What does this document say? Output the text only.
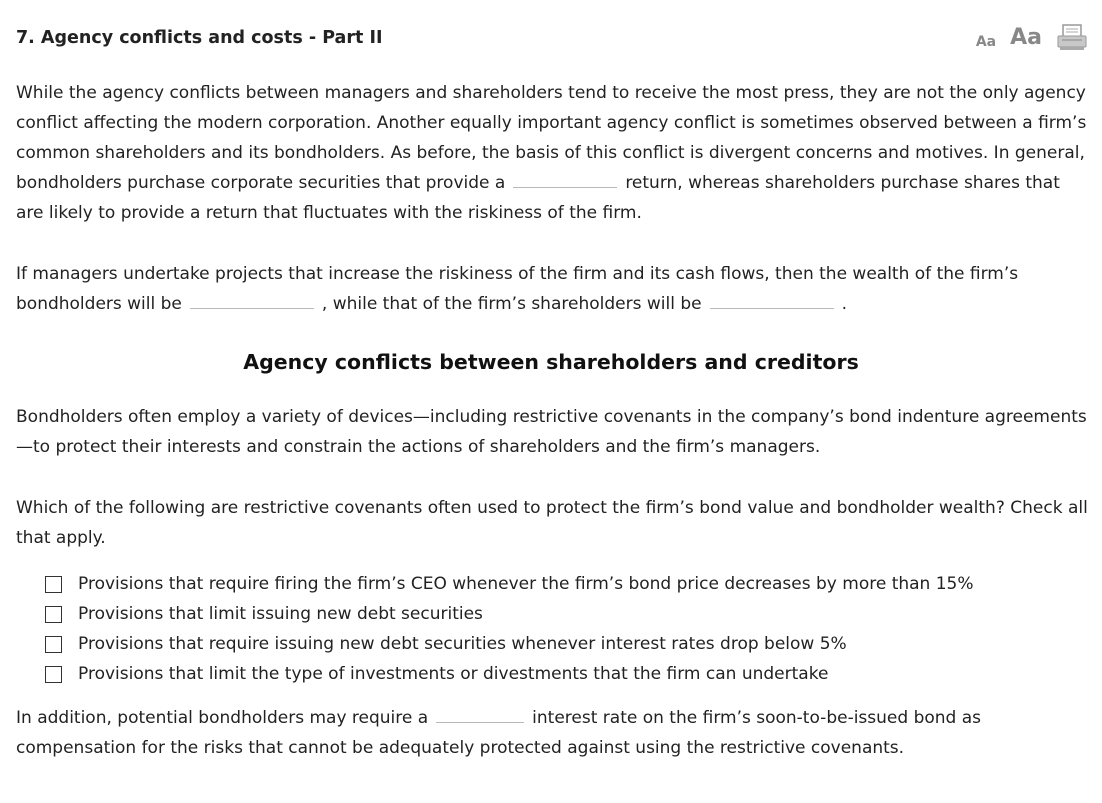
7. Agency conflicts and costs - Part II	Aa Aa

While the agency conflicts between managers and shareholders tend to receive the most press, they are not the only agency conflict affecting the modern corporation. Another equally important agency conflict is sometimes observed between a firm’s common shareholders and its bondholders. As before, the basis of this conflict is divergent concerns and motives. In general, bondholders purchase corporate securities that provide a	return, whereas shareholders purchase shares that are likely to provide a return that fluctuates with the riskiness of the firm.

If managers undertake projects that increase the riskiness of the firm and its cash flows, then the wealth of the firm’s bondholders will be	, while that of the firm’s shareholders will be	.

Agency conflicts between shareholders and creditors

Bondholders often employ a variety of devices—including restrictive covenants in the company’s bond indenture agreements—to protect their interests and constrain the actions of shareholders and the firm’s managers.

Which of the following are restrictive covenants often used to protect the firm’s bond value and bondholder wealth? Check all that apply.

Provisions that require firing the firm’s CEO whenever the firm’s bond price decreases by more than 15%
Provisions that limit issuing new debt securities
Provisions that require issuing new debt securities whenever interest rates drop below 5%
Provisions that limit the type of investments or divestments that the firm can undertake

In addition, potential bondholders may require a	interest rate on the firm’s soon-to-be-issued bond as compensation for the risks that cannot be adequately protected against using the restrictive covenants.
